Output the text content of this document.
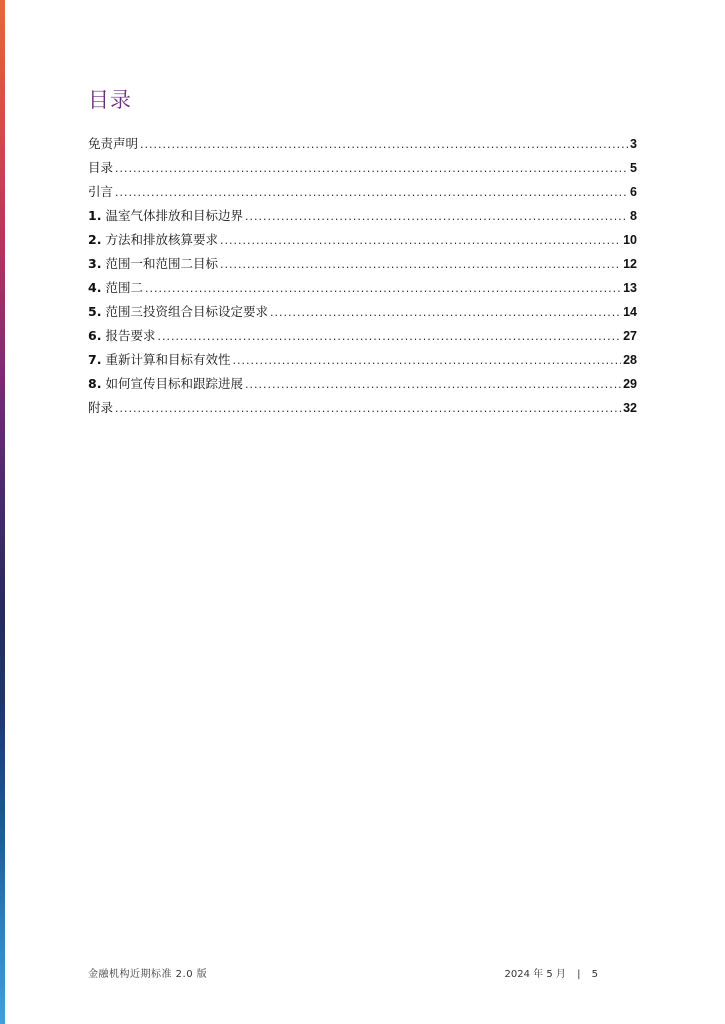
目录
免责声明 .....	3
目录 .....	5
引言 .....	6
1. 温室气体排放和目标边界 .....	8
2. 方法和排放核算要求 .....	10
3. 范围一和范围二目标 .....	12
4. 范围二 .....	13
5. 范围三投资组合目标设定要求 .....	14
6. 报告要求 .....	27
7. 重新计算和目标有效性 .....	28
8. 如何宣传目标和跟踪进展 .....	29
附录 .....	32
金融机构近期标准 2.0 版	2024 年 5 月 | 5
